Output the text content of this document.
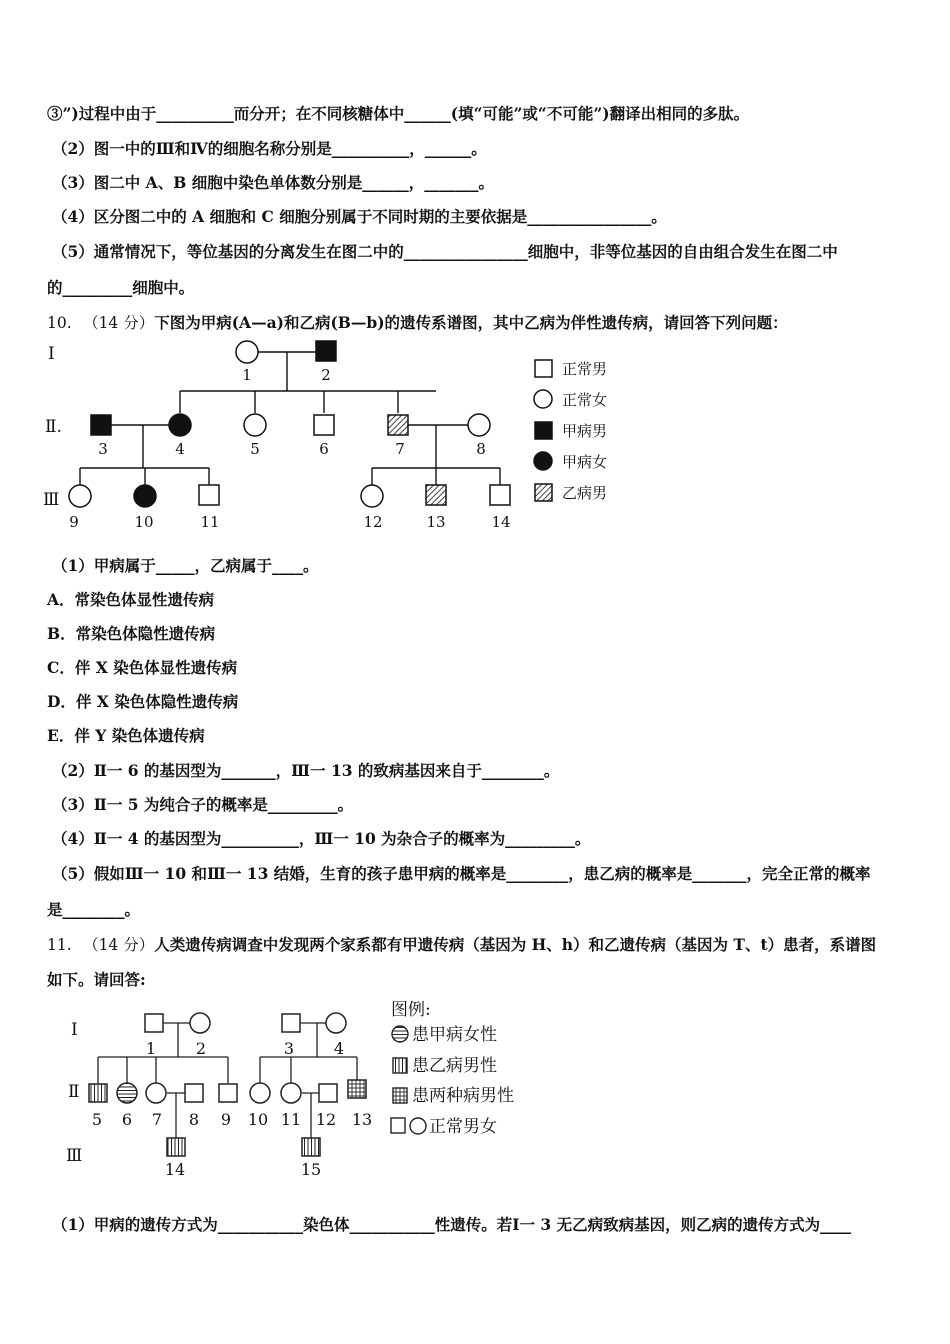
③”)过程中由于__________而分开；在不同核糖体中______(填“可能”或“不可能”)翻译出相同的多肽。
（2）图一中的Ⅲ和Ⅳ的细胞名称分别是__________，______。
（3）图二中 A、B 细胞中染色单体数分别是______，_______。
（4）区分图二中的 A 细胞和 C 细胞分别属于不同时期的主要依据是________________。
（5）通常情况下，等位基因的分离发生在图二中的________________细胞中，非等位基因的自由组合发生在图二中
的_________细胞中。
10. （14 分）下图为甲病(A—a)和乙病(B—b)的遗传系谱图，其中乙病为伴性遗传病，请回答下列问题：
Ⅰ
Ⅱ.
Ⅲ
1	2
3	4	5	6	7	8
9	10	11	12	13	14
正常男
正常女
甲病男
甲病女
乙病男
（1）甲病属于_____，乙病属于____。
A．常染色体显性遗传病
B．常染色体隐性遗传病
C．伴 X 染色体显性遗传病
D．伴 X 染色体隐性遗传病
E．伴 Y 染色体遗传病
（2）Ⅱ一 6 的基因型为_______，Ⅲ一 13 的致病基因来自于________。
（3）Ⅱ一 5 为纯合子的概率是_________。
（4）Ⅱ一 4 的基因型为__________，Ⅲ一 10 为杂合子的概率为_________。
（5）假如Ⅲ一 10 和Ⅲ一 13 结婚，生育的孩子患甲病的概率是________，患乙病的概率是_______，完全正常的概率
是________。
11. （14 分）人类遗传病调查中发现两个家系都有甲遗传病（基因为 H、h）和乙遗传病（基因为 T、t）患者，系谱图
如下。请回答:
Ⅰ
Ⅱ
Ⅲ
1 2	3 4
5 6 7 8 9 10 11 12 13
14	15
图例:
患甲病女性
患乙病男性
患两种病男性
正常男女
（1）甲病的遗传方式为___________染色体___________性遗传。若Ⅰ一 3 无乙病致病基因，则乙病的遗传方式为____
